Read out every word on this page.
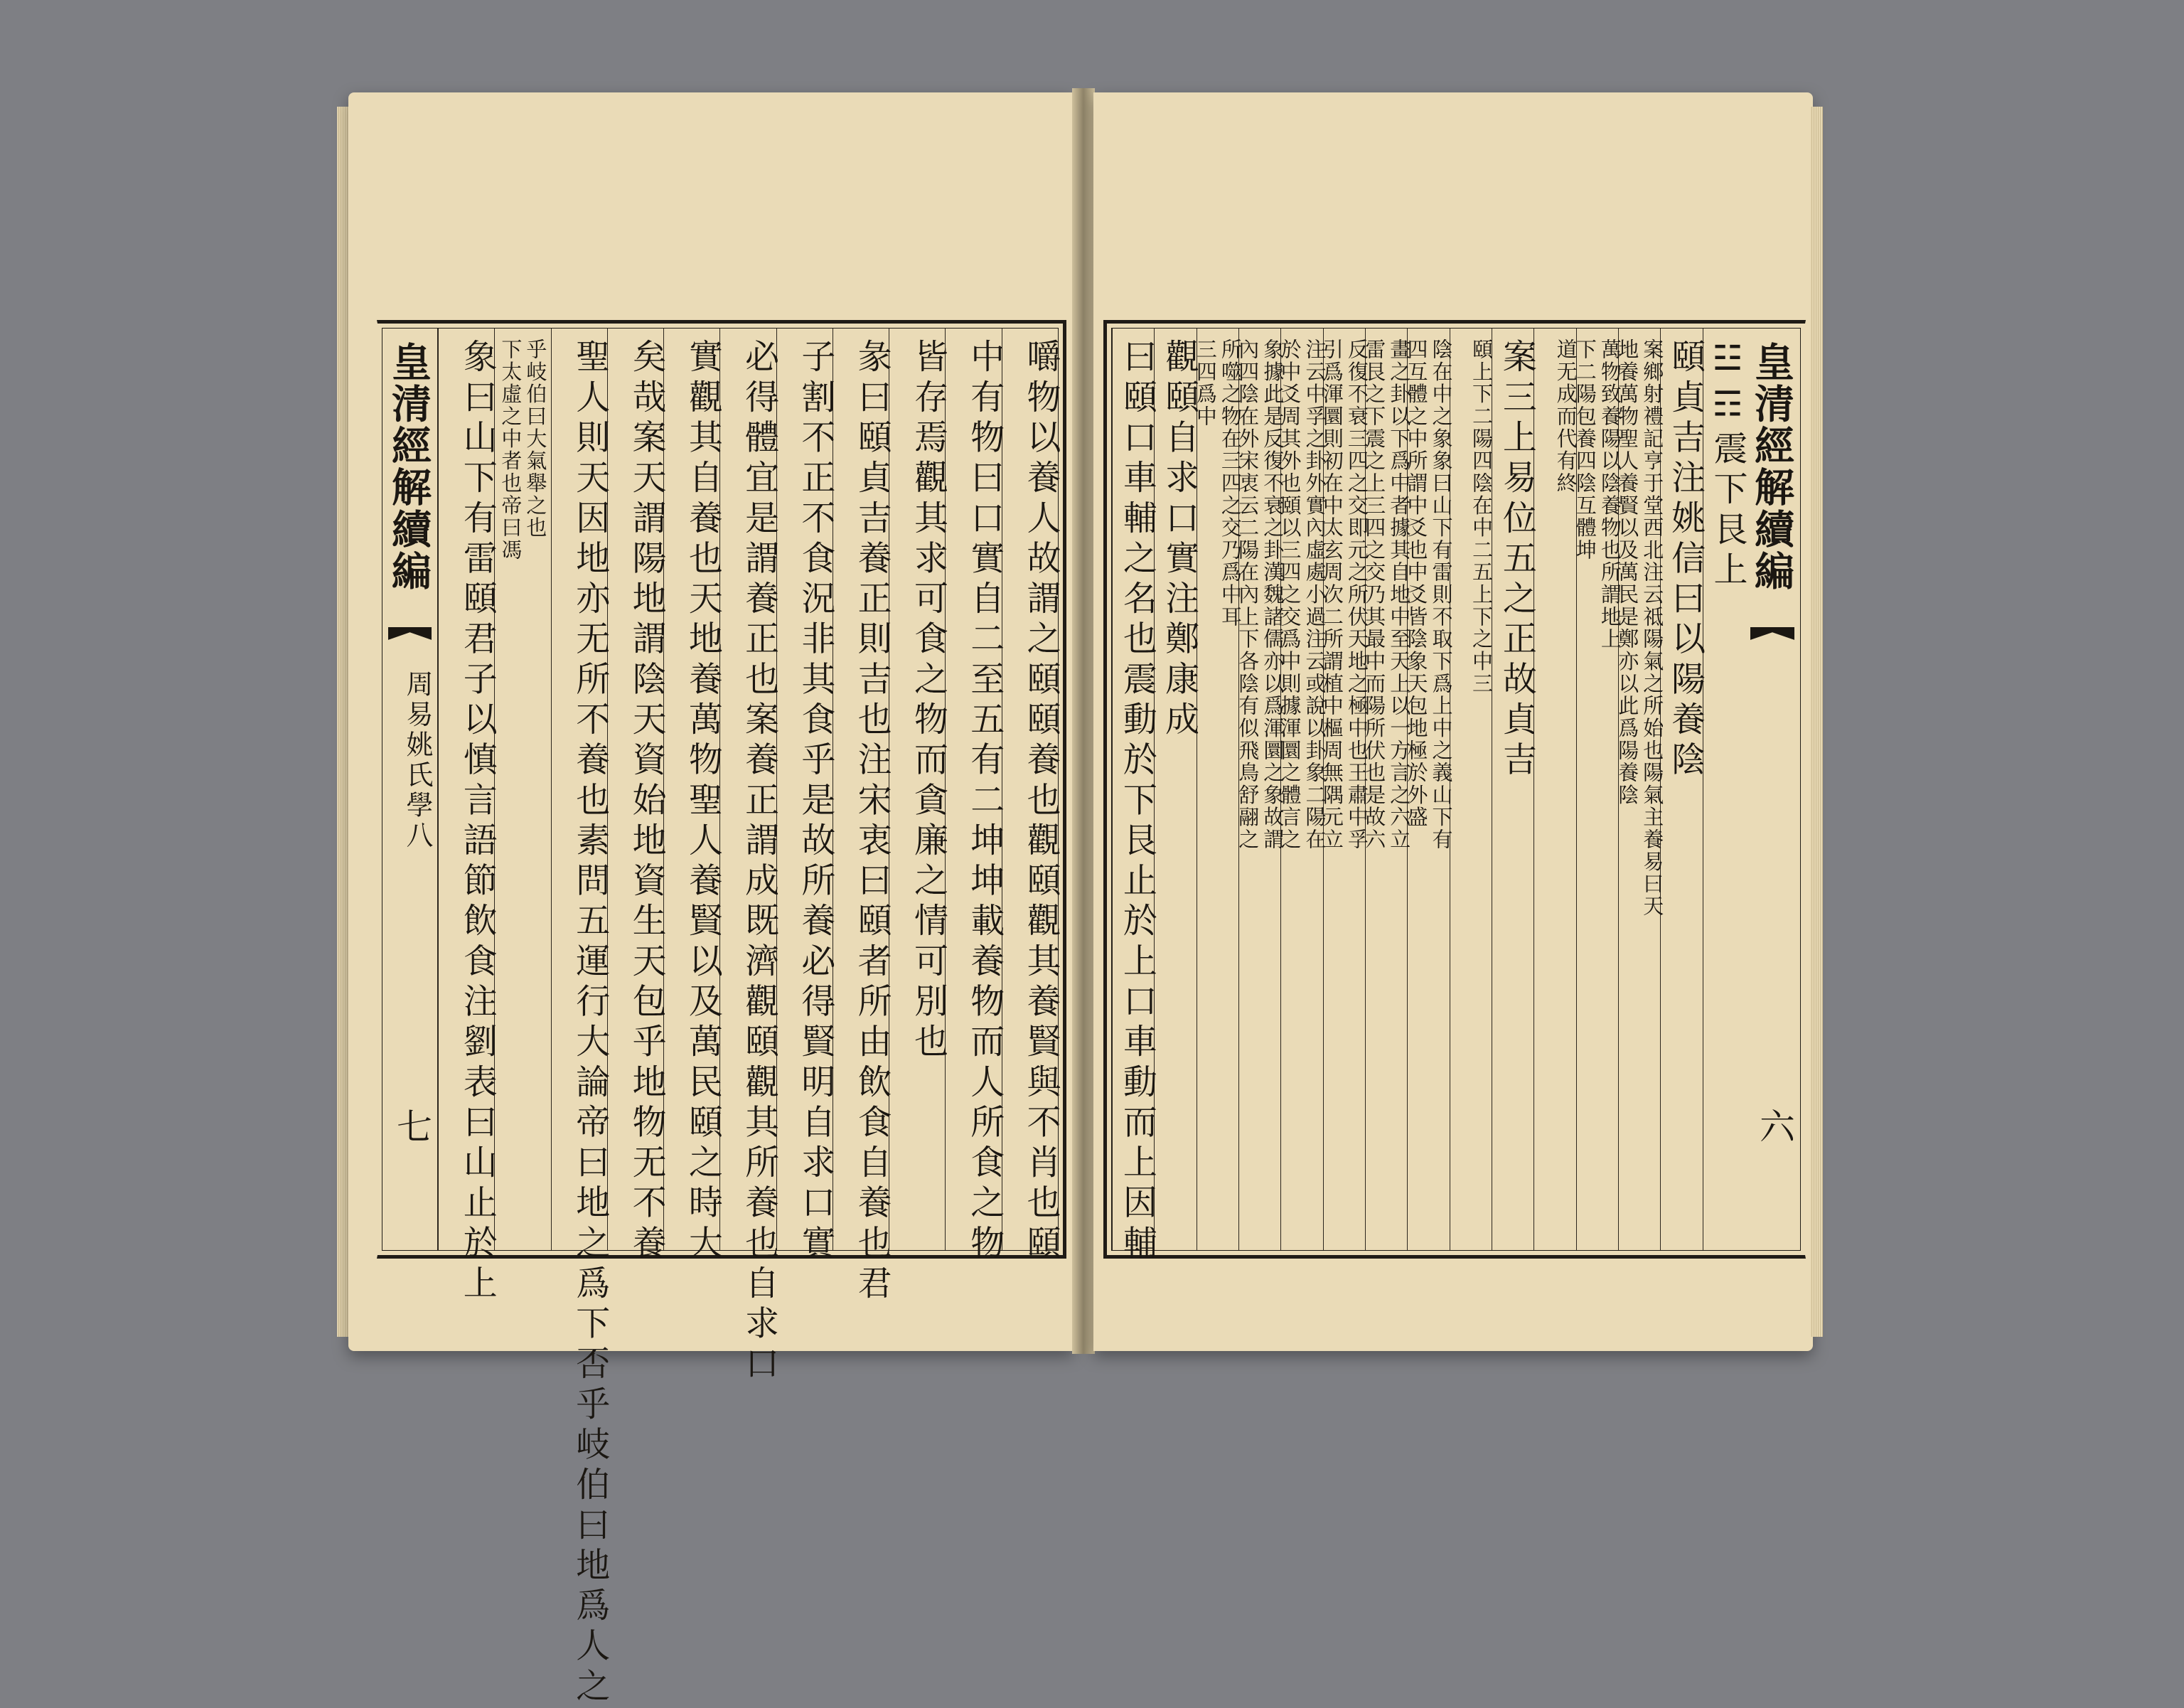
皇清經解續編
六
☳☶震下艮上
頤貞吉注姚信曰以陽養陰
案鄉射禮記亨于堂西北注云祗陽氣之所始也陽氣主養易曰天
地養萬物聖人養賢以及萬民是鄭亦以此爲陽養陰
萬物致養陽以陰養物也所謂地上
下二陽包養四陰互體坤
道无成而代有終
案三上易位五之正故貞吉
頤上下二陽四陰在中二五上下之中三
陰在中之象象曰山下有雷則不取下爲上中之義山下有
四互體之中所謂中爻也中爻皆陰象天包地極於外盛
畫之卦以下爲中者據其自地中至天上以一方言之六立
雷艮之下震之上三四之交乃其最中而陽所伏也是故六
反復不衰三四之交即元之所伏天地之極中也王肅中孚
引爲渾圜則初在中太玄周次二所謂植中樞周無隅元立
注云中孚之卦外實內虛處小過注云或說以卦象二陽在
於中爻周其外也頤以三四之交爲中則據渾圜之體言之
象據此是反復不衰之卦漢魏諸儒亦以爲渾圜之象故謂
內四陰在外宋衷云二陽在內上下各陰有似飛鳥舒翮之
所噬之物在三四之交乃爲中耳
三四爲中
觀頤自求口實注鄭康成
曰頤口車輔之名也震動於下艮止於上口車動而上因輔
皇清經解續編
周易姚氏學八
七	嚼物以養人故謂之頤頤養也觀頤觀其養賢與不肖也頤
中有物曰口實自二至五有二坤坤載養物而人所食之物
皆存焉觀其求可食之物而貪廉之情可別也
彖曰頤貞吉養正則吉也注宋衷曰頤者所由飲食自養也君
子割不正不食況非其食乎是故所養必得賢明自求口實
必得體宜是謂養正也案養正謂成既濟觀頤觀其所養也自求口
實觀其自養也天地養萬物聖人養賢以及萬民頤之時大
矣哉案天謂陽地謂陰天資始地資生天包乎地物无不養
聖人則天因地亦无所不養也素問五運行大論帝曰地之爲下否乎岐伯曰地爲人之
乎岐伯曰大氣舉之也
下太虛之中者也帝曰馮
象曰山下有雷頤君子以慎言語節飲食注劉表曰山止於上
